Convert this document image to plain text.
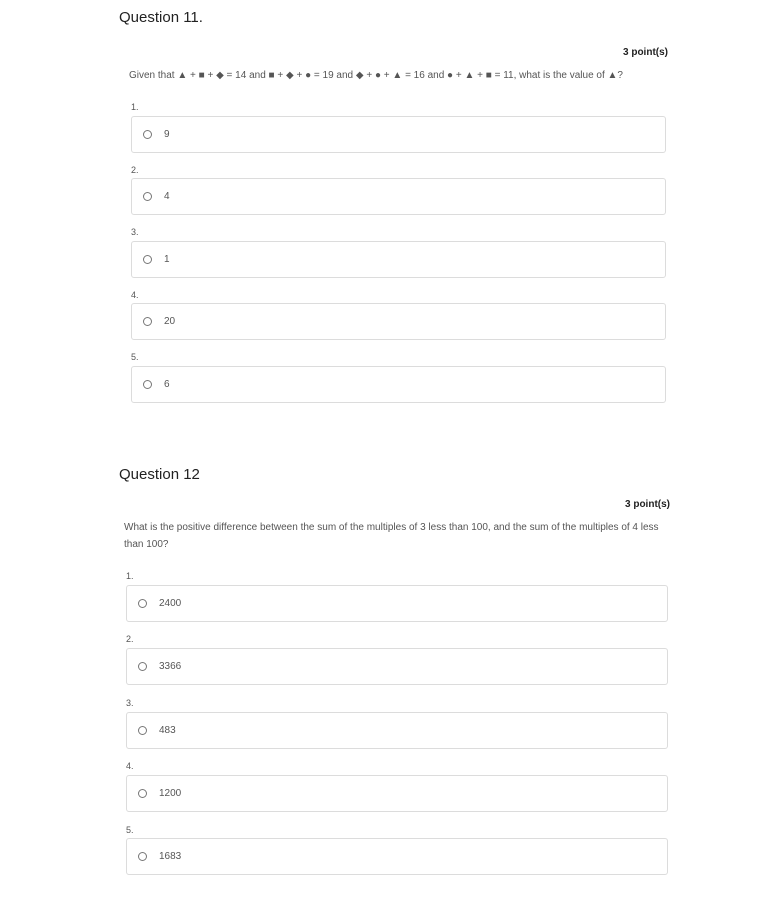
Question 11.
3 point(s)
Given that ▲ + ■ + ◆ = 14 and ■ + ◆ + ● = 19 and ◆ + ● + ▲ = 16 and ● + ▲ + ■ = 11, what is the value of ▲?
1.
9
2.
4
3.
1
4.
20
5.
6
Question 12
3 point(s)
What is the positive difference between the sum of the multiples of 3 less than 100, and the sum of the multiples of 4 less
than 100?
1.
2400
2.
3366
3.
483
4.
1200
5.
1683
